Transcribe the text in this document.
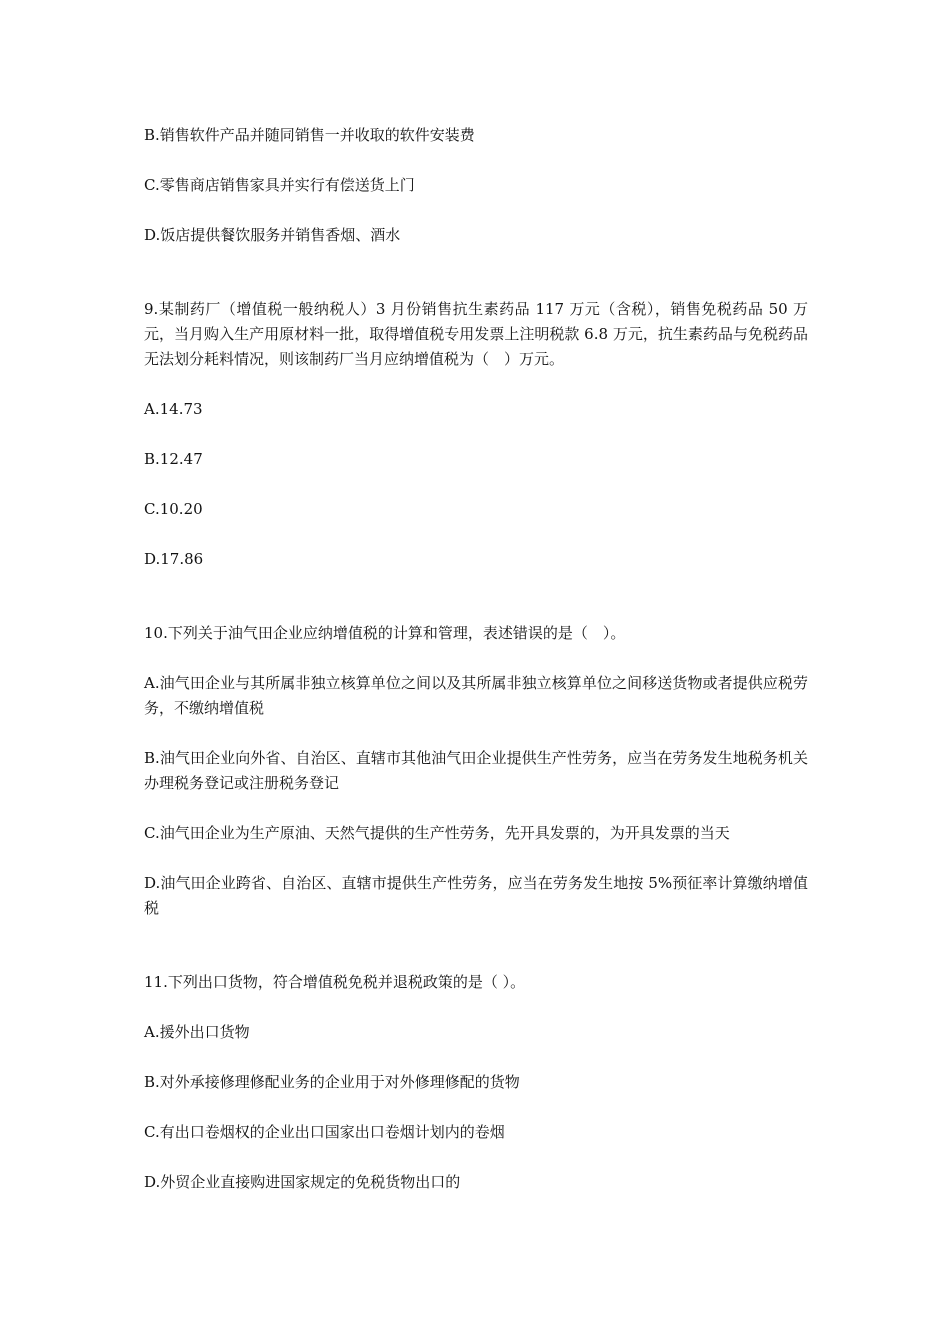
B.销售软件产品并随同销售一并收取的软件安装费
C.零售商店销售家具并实行有偿送货上门
D.饭店提供餐饮服务并销售香烟、酒水
9.某制药厂（增值税一般纳税人）3 月份销售抗生素药品 117 万元（含税），销售免税药品 50 万元，当月购入生产用原材料一批，取得增值税专用发票上注明税款 6.8 万元，抗生素药品与免税药品无法划分耗料情况，则该制药厂当月应纳增值税为（　）万元。
A.14.73
B.12.47
C.10.20
D.17.86
10.下列关于油气田企业应纳增值税的计算和管理，表述错误的是（　）。
A.油气田企业与其所属非独立核算单位之间以及其所属非独立核算单位之间移送货物或者提供应税劳务，不缴纳增值税
B.油气田企业向外省、自治区、直辖市其他油气田企业提供生产性劳务，应当在劳务发生地税务机关办理税务登记或注册税务登记
C.油气田企业为生产原油、天然气提供的生产性劳务，先开具发票的，为开具发票的当天
D.油气田企业跨省、自治区、直辖市提供生产性劳务，应当在劳务发生地按 5%预征率计算缴纳增值税
11.下列出口货物，符合增值税免税并退税政策的是（ ）。
A.援外出口货物
B.对外承接修理修配业务的企业用于对外修理修配的货物
C.有出口卷烟权的企业出口国家出口卷烟计划内的卷烟
D.外贸企业直接购进国家规定的免税货物出口的
